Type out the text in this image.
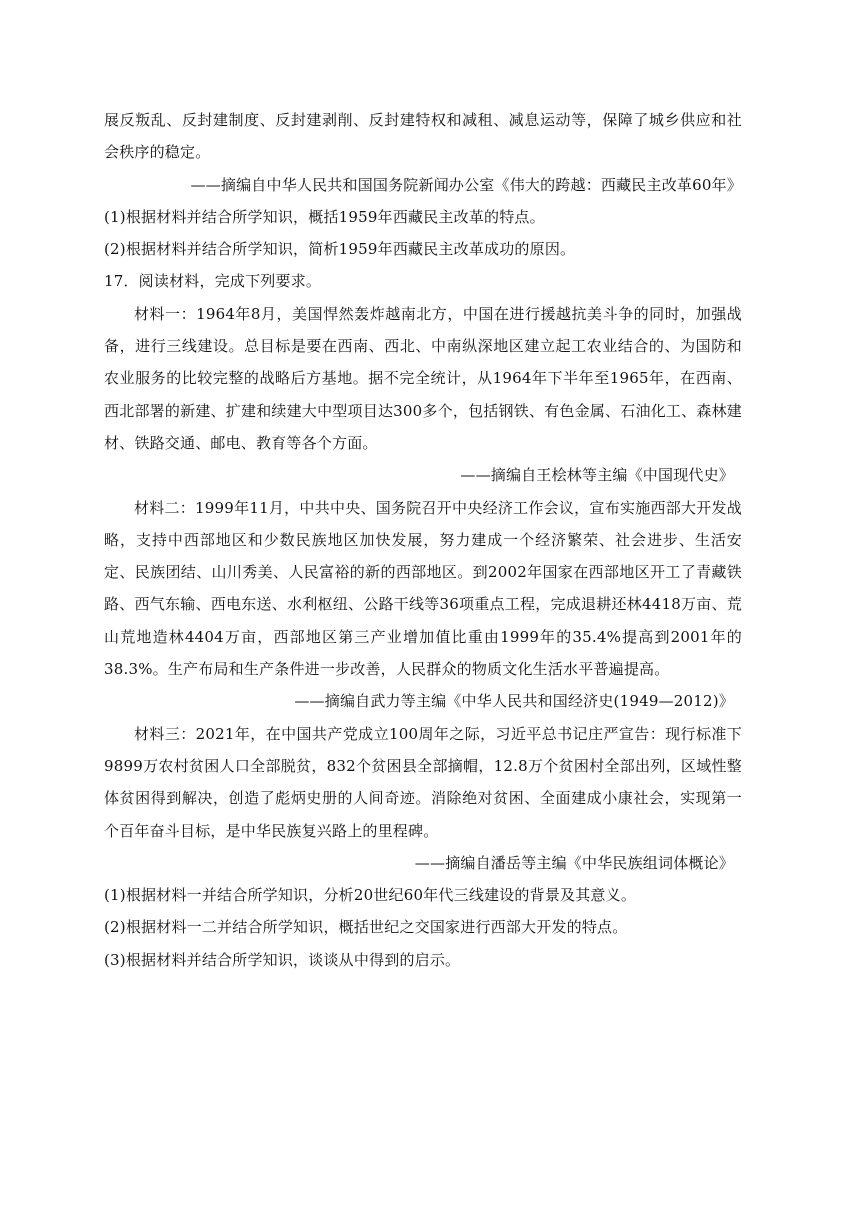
展反叛乱、反封建制度、反封建剥削、反封建特权和减租、减息运动等，保障了城乡供应和社会秩序的稳定。

——摘编自中华人民共和国国务院新闻办公室《伟大的跨越：西藏民主改革60年》

(1)根据材料并结合所学知识，概括1959年西藏民主改革的特点。

(2)根据材料并结合所学知识，简析1959年西藏民主改革成功的原因。

17．阅读材料，完成下列要求。

材料一：1964年8月，美国悍然轰炸越南北方，中国在进行援越抗美斗争的同时，加强战备，进行三线建设。总目标是要在西南、西北、中南纵深地区建立起工农业结合的、为国防和农业服务的比较完整的战略后方基地。据不完全统计，从1964年下半年至1965年，在西南、西北部署的新建、扩建和续建大中型项目达300多个，包括钢铁、有色金属、石油化工、森林建材、铁路交通、邮电、教育等各个方面。

——摘编自王桧林等主编《中国现代史》

材料二：1999年11月，中共中央、国务院召开中央经济工作会议，宣布实施西部大开发战略，支持中西部地区和少数民族地区加快发展，努力建成一个经济繁荣、社会进步、生活安定、民族团结、山川秀美、人民富裕的新的西部地区。到2002年国家在西部地区开工了青藏铁路、西气东输、西电东送、水利枢纽、公路干线等36项重点工程，完成退耕还林4418万亩、荒山荒地造林4404万亩，西部地区第三产业增加值比重由1999年的35.4%提高到2001年的38.3%。生产布局和生产条件进一步改善，人民群众的物质文化生活水平普遍提高。

——摘编自武力等主编《中华人民共和国经济史(1949—2012)》

材料三：2021年，在中国共产党成立100周年之际，习近平总书记庄严宣告：现行标准下9899万农村贫困人口全部脱贫，832个贫困县全部摘帽，12.8万个贫困村全部出列，区域性整体贫困得到解决，创造了彪炳史册的人间奇迹。消除绝对贫困、全面建成小康社会，实现第一个百年奋斗目标，是中华民族复兴路上的里程碑。

——摘编自潘岳等主编《中华民族组词体概论》

(1)根据材料一并结合所学知识，分析20世纪60年代三线建设的背景及其意义。

(2)根据材料一二并结合所学知识，概括世纪之交国家进行西部大开发的特点。

(3)根据材料并结合所学知识，谈谈从中得到的启示。
